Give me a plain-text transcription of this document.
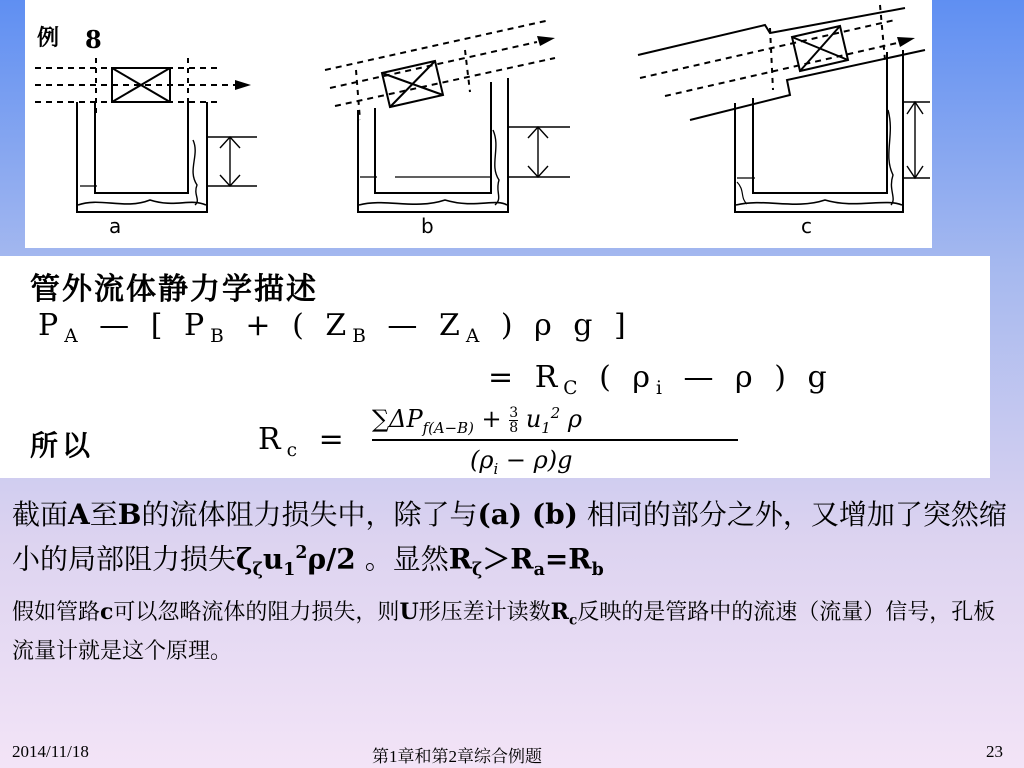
例 8
a	b	c
管外流体静力学描述
$P_A$ — [ $P_B$ + ( $Z_B$ — $Z_A$ ) ρ g ]
= $R_C$ ( $\rho_i$ — ρ ) g
所以	$R_c$ =
$\sum\Delta P_{f(A-B)} + \frac{3}{8} u_1^2$ ρ
$(\rho_i - \rho)g$
截面A至B的流体阻力损失中，除了与(a) (b) 相同的部分之外，又增加了突然缩小的局部阻力损失$\zeta_\zeta u_1^2\rho/2$ 。显然$R_\zeta>R_a=R_b$
假如管路c可以忽略流体的阻力损失，则U形压差计读数$R_c$反映的是管路中的流速（流量）信号，孔板流量计就是这个原理。
2014/11/18	第1章和第2章综合例题	23
